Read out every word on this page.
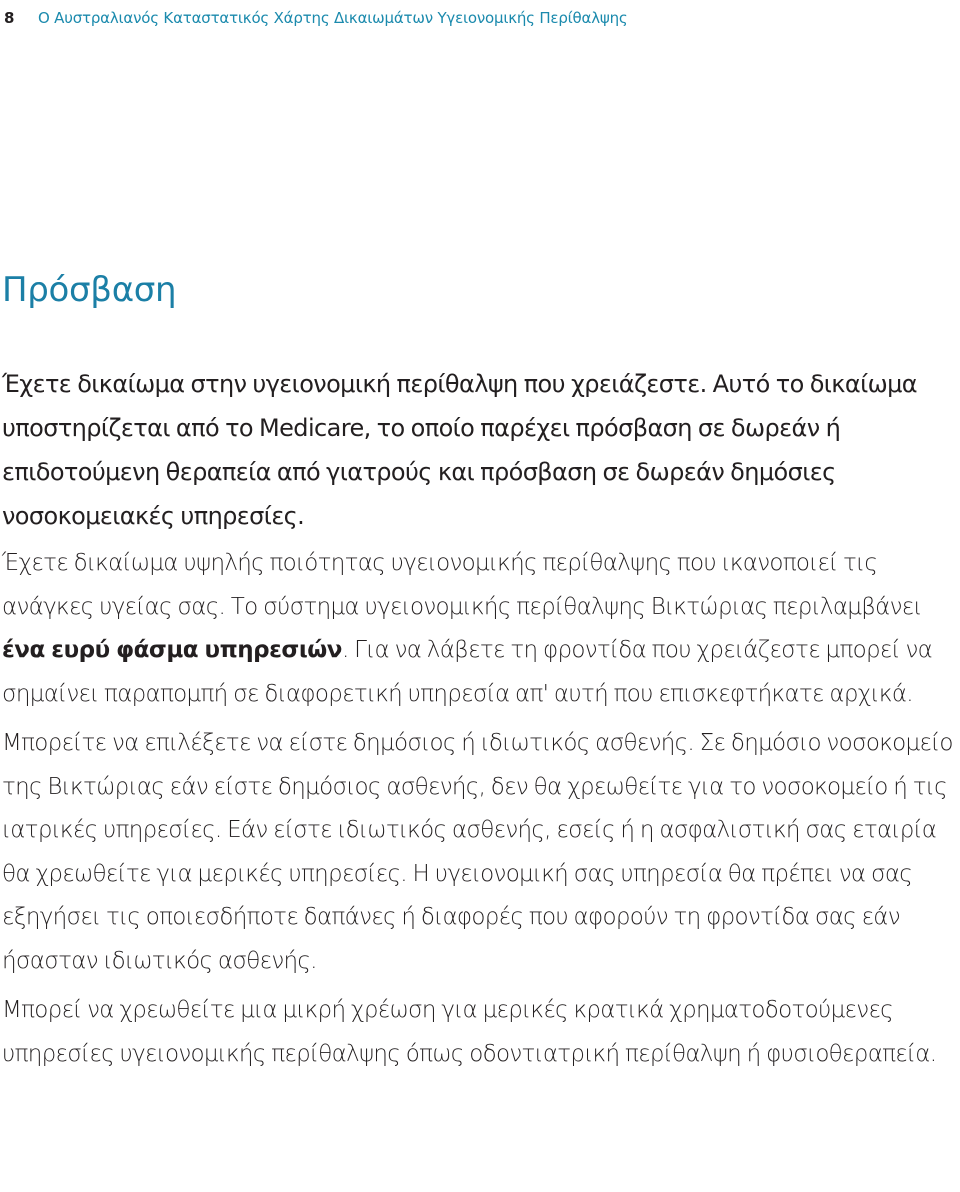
8	Ο Αυστραλιανός Καταστατικός Χάρτης Δικαιωμάτων Υγειονομικής Περίθαλψης
Πρόσβαση

Έχετε δικαίωμα στην υγειονομική περίθαλψη που χρειάζεστε. Αυτό το δικαίωμα υποστηρίζεται από το Medicare, το οποίο παρέχει πρόσβαση σε δωρεάν ή επιδοτούμενη θεραπεία από γιατρούς και πρόσβαση σε δωρεάν δημόσιες νοσοκομειακές υπηρεσίες.

Έχετε δικαίωμα υψηλής ποιότητας υγειονομικής περίθαλψης που ικανοποιεί τις ανάγκες υγείας σας. Το σύστημα υγειονομικής περίθαλψης Βικτώριας περιλαμβάνει ένα ευρύ φάσμα υπηρεσιών. Για να λάβετε τη φροντίδα που χρειάζεστε μπορεί να σημαίνει παραπομπή σε διαφορετική υπηρεσία απ' αυτή που επισκεφτήκατε αρχικά.

Μπορείτε να επιλέξετε να είστε δημόσιος ή ιδιωτικός ασθενής. Σε δημόσιο νοσοκομείο της Βικτώριας εάν είστε δημόσιος ασθενής, δεν θα χρεωθείτε για το νοσοκομείο ή τις ιατρικές υπηρεσίες. Εάν είστε ιδιωτικός ασθενής, εσείς ή η ασφαλιστική σας εταιρία θα χρεωθείτε για μερικές υπηρεσίες. Η υγειονομική σας υπηρεσία θα πρέπει να σας εξηγήσει τις οποιεσδήποτε δαπάνες ή διαφορές που αφορούν τη φροντίδα σας εάν ήσασταν ιδιωτικός ασθενής.

Μπορεί να χρεωθείτε μια μικρή χρέωση για μερικές κρατικά χρηματοδοτούμενες υπηρεσίες υγειονομικής περίθαλψης όπως οδοντιατρική περίθαλψη ή φυσιοθεραπεία.
